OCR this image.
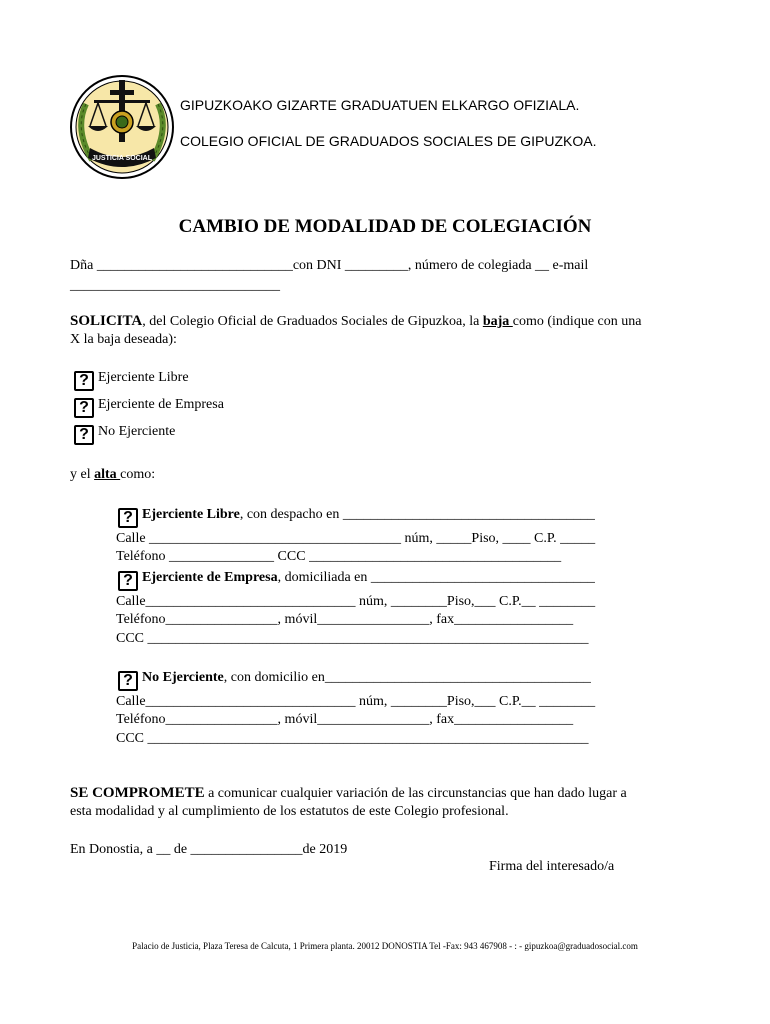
JUSTICIA SOCIAL
GIPUZKOAKO GIZARTE GRADUATUEN ELKARGO OFIZIALA.
COLEGIO OFICIAL DE GRADUADOS SOCIALES DE GIPUZKOA.
CAMBIO DE MODALIDAD DE COLEGIACIÓN
Dña ____________________________con DNI _________, número de colegiada __ e-mail
______________________________
SOLICITA, del Colegio Oficial de Graduados Sociales de Gipuzkoa, la baja como (indique con una
X la baja deseada):
? Ejerciente Libre
? Ejerciente de Empresa
? No Ejerciente
y el alta como:
? Ejerciente Libre, con despacho en ____________________________________
Calle ____________________________________ núm, _____Piso, ____ C.P. _____
Teléfono _______________ CCC ____________________________________
? Ejerciente de Empresa, domiciliada en ________________________________
Calle______________________________ núm, ________Piso,___ C.P.__ ________
Teléfono________________, móvil________________, fax_________________
CCC _______________________________________________________________
? No Ejerciente, con domicilio en______________________________________
Calle______________________________ núm, ________Piso,___ C.P.__ ________
Teléfono________________, móvil________________, fax_________________
CCC _______________________________________________________________
SE COMPROMETE a comunicar cualquier variación de las circunstancias que han dado lugar a
esta modalidad y al cumplimiento de los estatutos de este Colegio profesional.
En Donostia, a __ de ________________de 2019
Firma del interesado/a
Palacio de Justicia, Plaza Teresa de Calcuta, 1 Primera planta. 20012 DONOSTIA Tel -Fax: 943 467908 - : - gipuzkoa@graduadosocial.com
